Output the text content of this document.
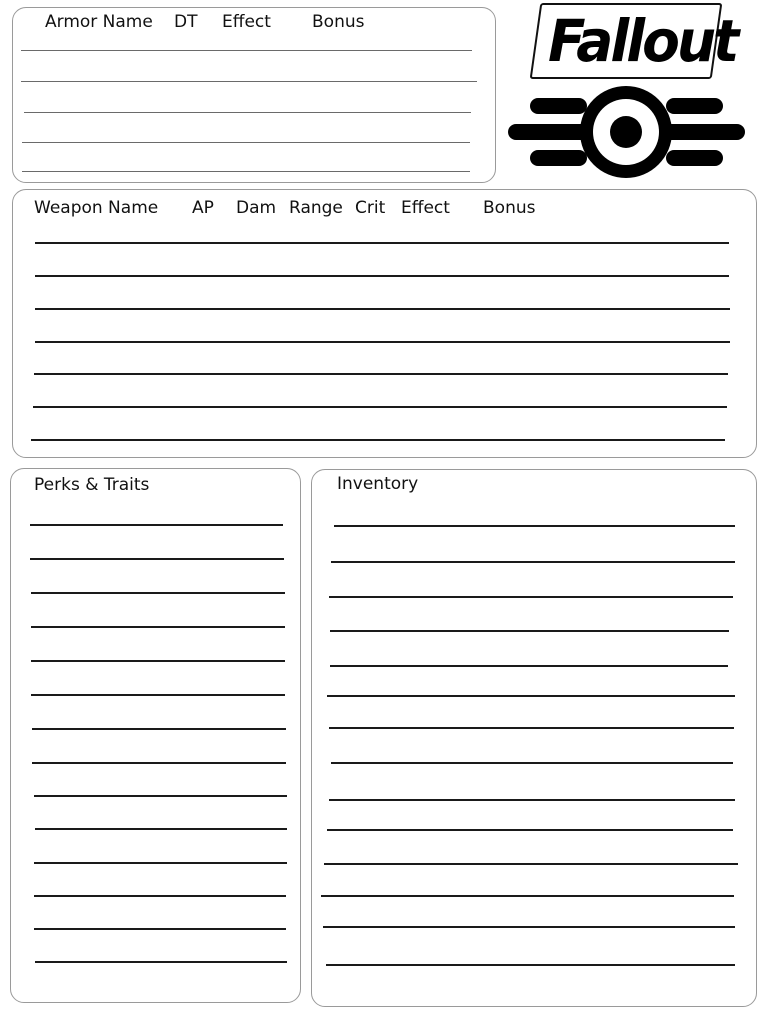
Armor Name DT Effect Bonus	Fallout
Weapon Name AP Dam Range Crit Effect Bonus
Perks & Traits	Inventory
